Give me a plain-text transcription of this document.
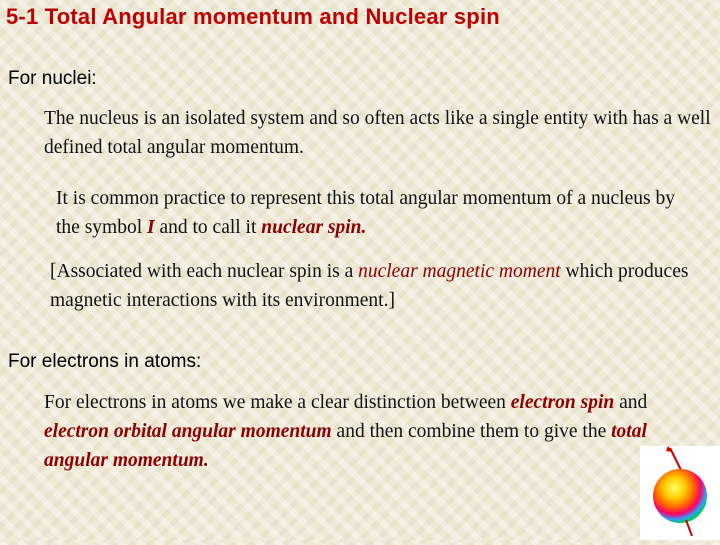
5-1 Total Angular momentum and Nuclear spin
For nuclei:
The nucleus is an isolated system and so often acts like a single entity with has a well defined total angular momentum.
It is common practice to represent this total angular momentum of a nucleus by the symbol I and to call it nuclear spin.
[Associated with each nuclear spin is a nuclear magnetic moment which produces magnetic interactions with its environment.]
For electrons in atoms:
For electrons in atoms we make a clear distinction between electron spin and electron orbital angular momentum and then combine them to give the total angular momentum.
